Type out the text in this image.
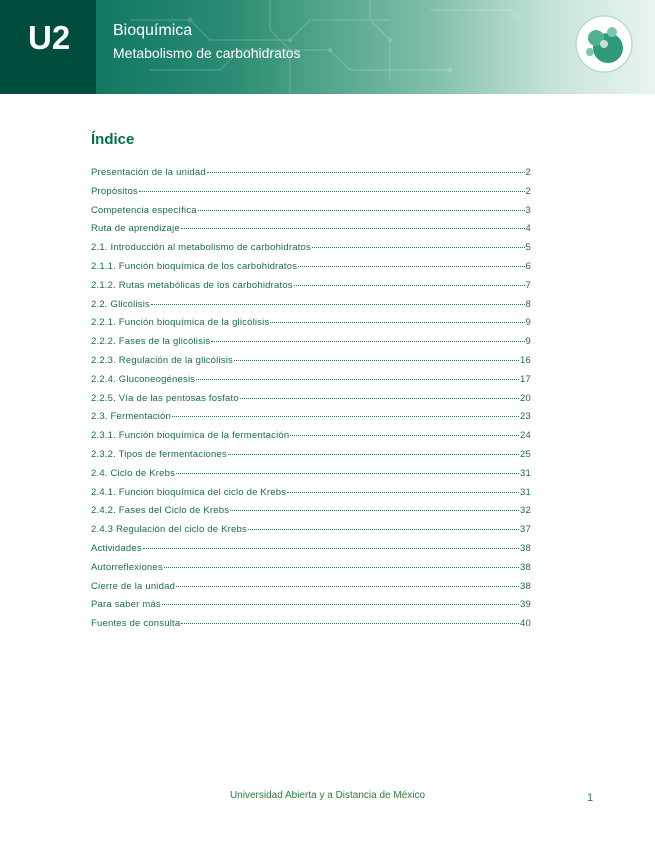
U2	Bioquímica
Metabolismo de carbohidratos
Índice
Presentación de la unidad	2
Propósitos	2
Competencia específica	3
Ruta de aprendizaje	4
2.1. Introducción al metabolismo de carbohidratos	5
2.1.1. Función bioquímica de los carbohidratos	6
2.1.2. Rutas metabólicas de los carbohidratos	7
2.2. Glicólisis	8
2.2.1. Función bioquímica de la glicólisis	9
2.2.2. Fases de la glicólisis	9
2.2.3. Regulación de la glicólisis	16
2.2.4. Gluconeogénesis	17
2.2.5. Vía de las pentosas fosfato	20
2.3. Fermentación	23
2.3.1. Función bioquímica de la fermentación	24
2.3.2. Tipos de fermentaciones	25
2.4. Ciclo de Krebs	31
2.4.1. Función bioquímica del ciclo de Krebs	31
2.4.2. Fases del Ciclo de Krebs	32
2.4.3 Regulación del ciclo de Krebs	37
Actividades	38
Autorreflexiones	38
Cierre de la unidad	38
Para saber más	39
Fuentes de consulta	40
Universidad Abierta y a Distancia de México	1
